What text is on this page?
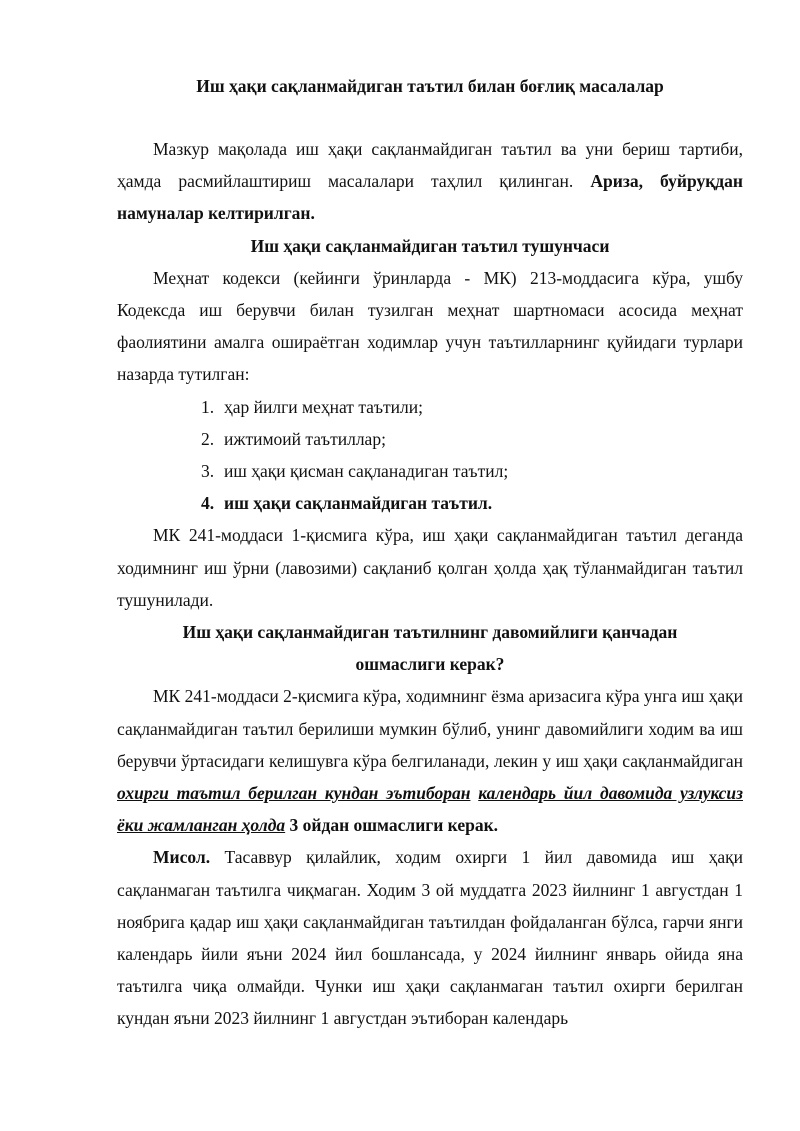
Иш ҳақи сақланмайдиган таътил билан боғлиқ масалалар

Мазкур мақолада иш ҳақи сақланмайдиган таътил ва уни бериш тартиби, ҳамда расмийлаштириш масалалари таҳлил қилинган. Ариза, буйруқдан намуналар келтирилган.

Иш ҳақи сақланмайдиган таътил тушунчаси

Меҳнат кодекси (кейинги ўринларда - МК) 213-моддасига кўра, ушбу Кодексда иш берувчи билан тузилган меҳнат шартномаси асосида меҳнат фаолиятини амалга ошираётган ходимлар учун таътилларнинг қуйидаги турлари назарда тутилган:

1. ҳар йилги меҳнат таътили;
2. ижтимоий таътиллар;
3. иш ҳақи қисман сақланадиган таътил;
4. иш ҳақи сақланмайдиган таътил.

МК 241-моддаси 1-қисмига кўра, иш ҳақи сақланмайдиган таътил деганда ходимнинг иш ўрни (лавозими) сақланиб қолган ҳолда ҳақ тўланмайдиган таътил тушунилади.

Иш ҳақи сақланмайдиган таътилнинг давомийлиги қанчадан
ошмаслиги керак?

МК 241-моддаси 2-қисмига кўра, ходимнинг ёзма аризасига кўра унга иш ҳақи сақланмайдиган таътил берилиши мумкин бўлиб, унинг давомийлиги ходим ва иш берувчи ўртасидаги келишувга кўра белгиланади, лекин у иш ҳақи сақланмайдиган охирги таътил берилган кундан эътиборан календарь йил давомида узлуксиз ёки жамланган ҳолда 3 ойдан ошмаслиги керак.

Мисол. Тасаввур қилайлик, ходим охирги 1 йил давомида иш ҳақи сақланмаган таътилга чиқмаган. Ходим 3 ой муддатга 2023 йилнинг 1 августдан 1 ноябрига қадар иш ҳақи сақланмайдиган таътилдан фойдаланган бўлса, гарчи янги календарь йили яъни 2024 йил бошлансада, у 2024 йилнинг январь ойида яна таътилга чиқа олмайди. Чунки иш ҳақи сақланмаган таътил охирги берилган кундан яъни 2023 йилнинг 1 августдан эътиборан календарь
